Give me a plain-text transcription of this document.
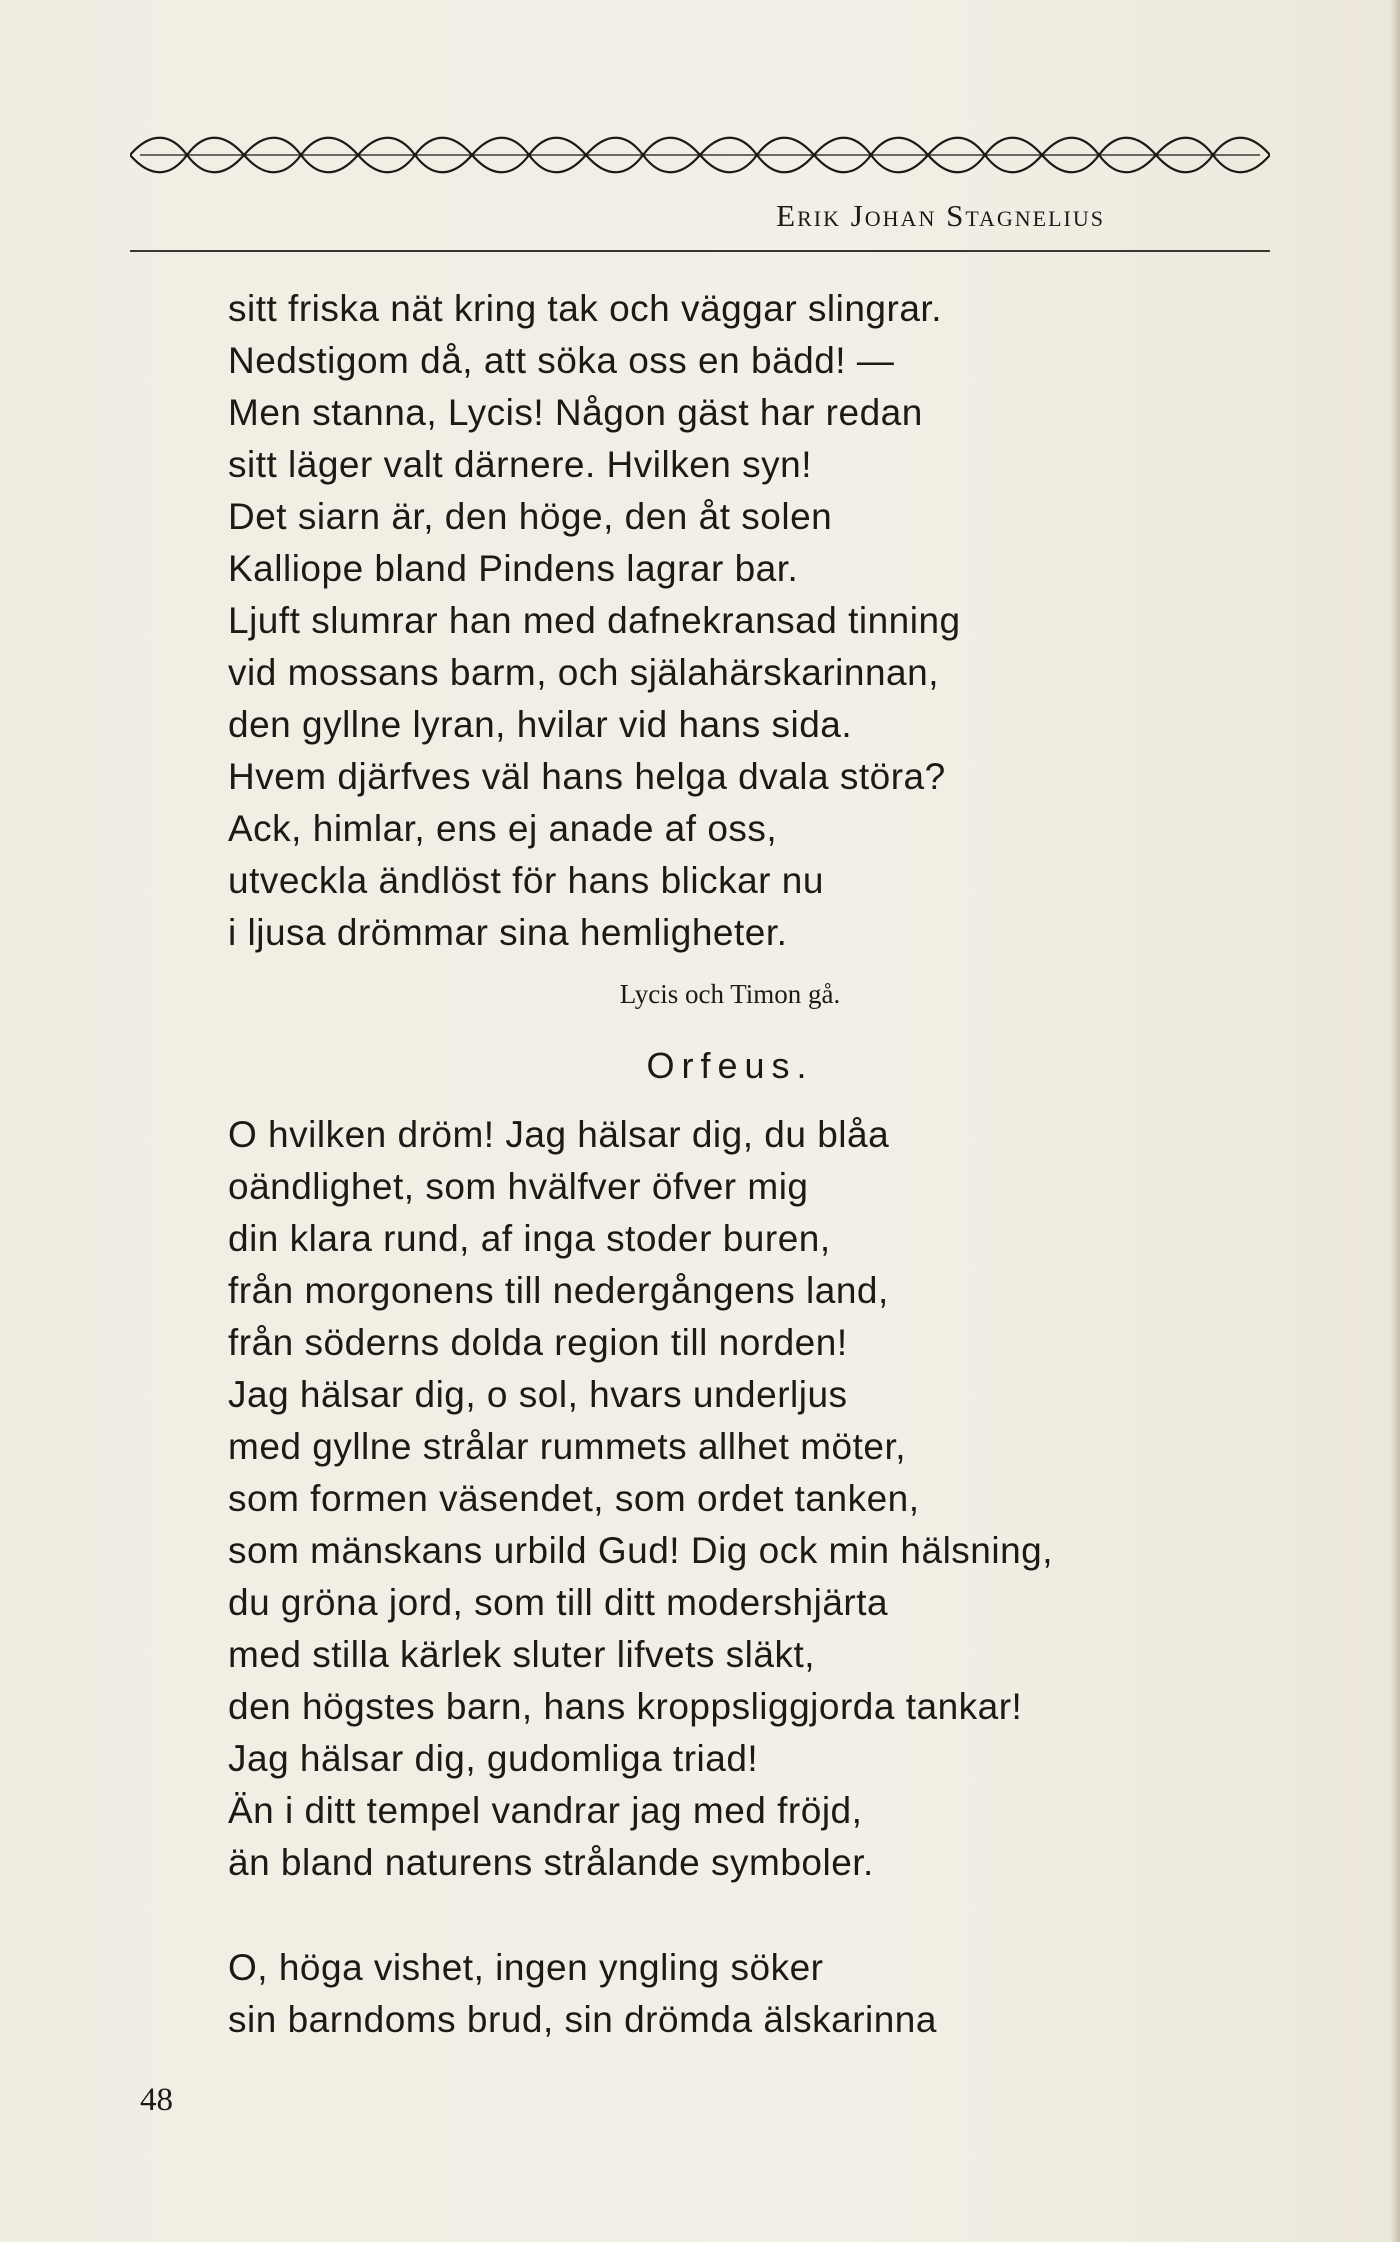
Erik Johan Stagnelius
sitt friska nät kring tak och väggar slingrar.
Nedstigom då, att söka oss en bädd! —
Men stanna, Lycis! Någon gäst har redan
sitt läger valt därnere. Hvilken syn!
Det siarn är, den höge, den åt solen
Kalliope bland Pindens lagrar bar.
Ljuft slumrar han med dafnekransad tinning
vid mossans barm, och själahärskarinnan,
den gyllne lyran, hvilar vid hans sida.
Hvem djärfves väl hans helga dvala störa?
Ack, himlar, ens ej anade af oss,
utveckla ändlöst för hans blickar nu
i ljusa drömmar sina hemligheter.
Lycis och Timon gå.
Orfeus.
O hvilken dröm! Jag hälsar dig, du blåa
oändlighet, som hvälfver öfver mig
din klara rund, af inga stoder buren,
från morgonens till nedergångens land,
från söderns dolda region till norden!
Jag hälsar dig, o sol, hvars underljus
med gyllne strålar rummets allhet möter,
som formen väsendet, som ordet tanken,
som mänskans urbild Gud! Dig ock min hälsning,
du gröna jord, som till ditt modershjärta
med stilla kärlek sluter lifvets släkt,
den högstes barn, hans kroppsliggjorda tankar!
Jag hälsar dig, gudomliga triad!
Än i ditt tempel vandrar jag med fröjd,
än bland naturens strålande symboler.
O, höga vishet, ingen yngling söker
sin barndoms brud, sin drömda älskarinna
48
